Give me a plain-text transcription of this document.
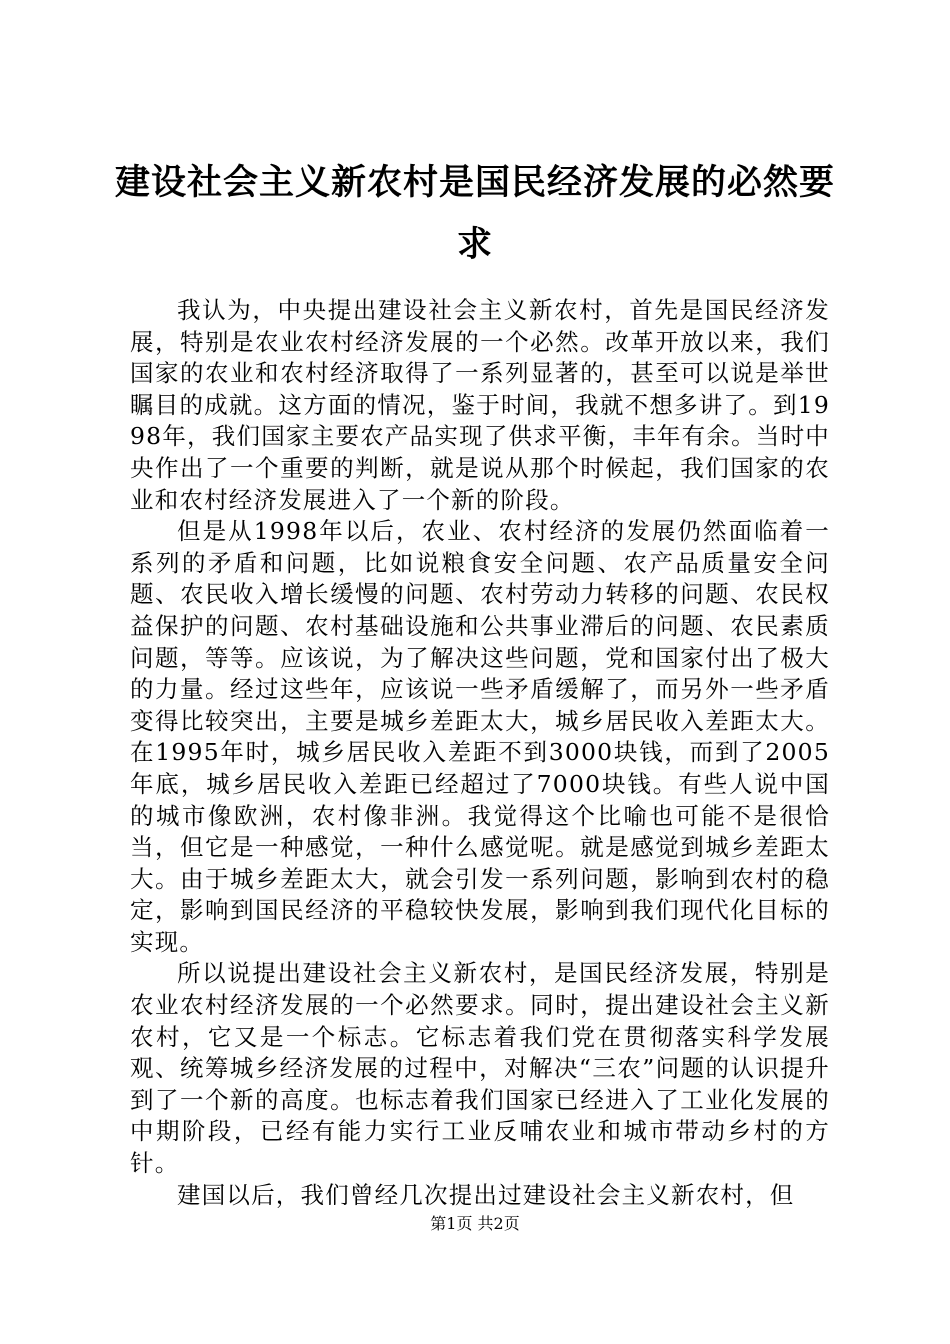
建设社会主义新农村是国民经济发展的必然要求

我认为，中央提出建设社会主义新农村，首先是国民经济发展，特别是农业农村经济发展的一个必然。改革开放以来，我们国家的农业和农村经济取得了一系列显著的，甚至可以说是举世瞩目的成就。这方面的情况，鉴于时间，我就不想多讲了。到1998年，我们国家主要农产品实现了供求平衡，丰年有余。当时中央作出了一个重要的判断，就是说从那个时候起，我们国家的农业和农村经济发展进入了一个新的阶段。

但是从1998年以后，农业、农村经济的发展仍然面临着一系列的矛盾和问题，比如说粮食安全问题、农产品质量安全问题、农民收入增长缓慢的问题、农村劳动力转移的问题、农民权益保护的问题、农村基础设施和公共事业滞后的问题、农民素质问题，等等。应该说，为了解决这些问题，党和国家付出了极大的力量。经过这些年，应该说一些矛盾缓解了，而另外一些矛盾变得比较突出，主要是城乡差距太大，城乡居民收入差距太大。在1995年时，城乡居民收入差距不到3000块钱，而到了2005年底，城乡居民收入差距已经超过了7000块钱。有些人说中国的城市像欧洲，农村像非洲。我觉得这个比喻也可能不是很恰当，但它是一种感觉，一种什么感觉呢。就是感觉到城乡差距太大。由于城乡差距太大，就会引发一系列问题，影响到农村的稳定，影响到国民经济的平稳较快发展，影响到我们现代化目标的实现。

所以说提出建设社会主义新农村，是国民经济发展，特别是农业农村经济发展的一个必然要求。同时，提出建设社会主义新农村，它又是一个标志。它标志着我们党在贯彻落实科学发展观、统筹城乡经济发展的过程中，对解决“三农”问题的认识提升到了一个新的高度。也标志着我们国家已经进入了工业化发展的中期阶段，已经有能力实行工业反哺农业和城市带动乡村的方针。

建国以后，我们曾经几次提出过建设社会主义新农村，但

第1页 共2页
